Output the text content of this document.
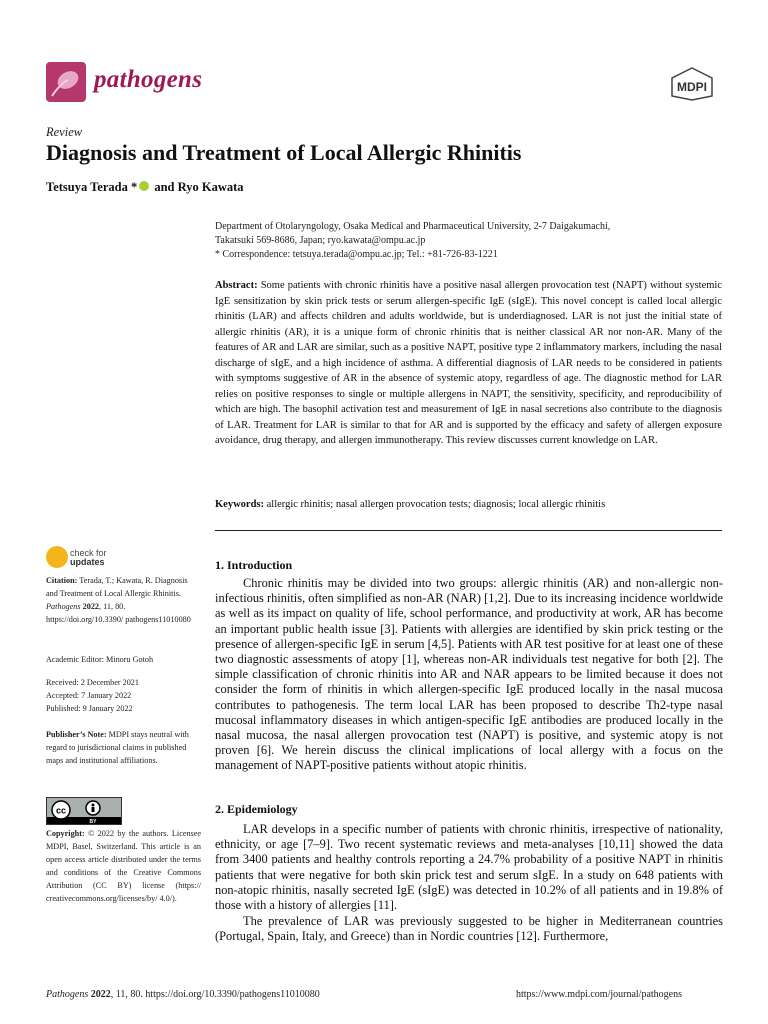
pathogens	MDPI
Review
Diagnosis and Treatment of Local Allergic Rhinitis
Tetsuya Terada * and Ryo Kawata
Department of Otolaryngology, Osaka Medical and Pharmaceutical University, 2-7 Daigakumachi,
Takatsuki 569-8686, Japan; ryo.kawata@ompu.ac.jp
* Correspondence: tetsuya.terada@ompu.ac.jp; Tel.: +81-726-83-1221
Abstract: Some patients with chronic rhinitis have a positive nasal allergen provocation test (NAPT) without systemic IgE sensitization by skin prick tests or serum allergen-specific IgE (sIgE). This novel concept is called local allergic rhinitis (LAR) and affects children and adults worldwide, but is underdiagnosed. LAR is not just the initial state of allergic rhinitis (AR), it is a unique form of chronic rhinitis that is neither classical AR nor non-AR. Many of the features of AR and LAR are similar, such as a positive NAPT, positive type 2 inflammatory markers, including the nasal discharge of sIgE, and a high incidence of asthma. A differential diagnosis of LAR needs to be considered in patients with symptoms suggestive of AR in the absence of systemic atopy, regardless of age. The diagnostic method for LAR relies on positive responses to single or multiple allergens in NAPT, the sensitivity, specificity, and reproducibility of which are high. The basophil activation test and measurement of IgE in nasal secretions also contribute to the diagnosis of LAR. Treatment for LAR is similar to that for AR and is supported by the efficacy and safety of allergen exposure avoidance, drug therapy, and allergen immunotherapy. This review discusses current knowledge on LAR.
Keywords: allergic rhinitis; nasal allergen provocation tests; diagnosis; local allergic rhinitis
check for
updates
Citation: Terada, T.; Kawata, R. Diagnosis and Treatment of Local Allergic Rhinitis. Pathogens 2022, 11, 80. https://doi.org/10.3390/ pathogens11010080
Academic Editor: Minoru Gotoh
Received: 2 December 2021
Accepted: 7 January 2022
Published: 9 January 2022
Publisher’s Note: MDPI stays neutral with regard to jurisdictional claims in published maps and institutional affiliations.
cc
BY
Copyright: © 2022 by the authors. Licensee MDPI, Basel, Switzerland. This article is an open access article distributed under the terms and conditions of the Creative Commons Attribution (CC BY) license (https:// creativecommons.org/licenses/by/ 4.0/).
1. Introduction
Chronic rhinitis may be divided into two groups: allergic rhinitis (AR) and non-allergic non-infectious rhinitis, often simplified as non-AR (NAR) [1,2]. Due to its increasing incidence worldwide as well as its impact on quality of life, school performance, and productivity at work, AR has become an important public health issue [3]. Patients with allergies are identified by skin prick testing or the presence of allergen-specific IgE in serum [4,5]. Patients with AR test positive for at least one of these two diagnostic assessments of atopy [1], whereas non-AR individuals test negative for both [2]. The simple classification of chronic rhinitis into AR and NAR appears to be limited because it does not consider the form of rhinitis in which allergen-specific IgE produced locally in the nasal mucosa contributes to pathogenesis. The term local LAR has been proposed to describe Th2-type nasal mucosal inflammatory diseases in which antigen-specific IgE antibodies are produced locally in the nasal mucosa, the nasal allergen provocation test (NAPT) is positive, and systemic atopy is not proven [6]. We herein discuss the clinical implications of local allergy with a focus on the management of NAPT-positive patients without atopic rhinitis.
2. Epidemiology
LAR develops in a specific number of patients with chronic rhinitis, irrespective of nationality, ethnicity, or age [7–9]. Two recent systematic reviews and meta-analyses [10,11] showed the data from 3400 patients and healthy controls reporting a 24.7% probability of a positive NAPT in rhinitis patients that were negative for both skin prick test and serum sIgE. In a study on 648 patients with non-atopic rhinitis, nasally secreted IgE (sIgE) was detected in 10.2% of all patients and in 19.8% of those with a history of allergies [11].
The prevalence of LAR was previously suggested to be higher in Mediterranean countries (Portugal, Spain, Italy, and Greece) than in Nordic countries [12]. Furthermore,
Pathogens 2022, 11, 80. https://doi.org/10.3390/pathogens11010080	https://www.mdpi.com/journal/pathogens
